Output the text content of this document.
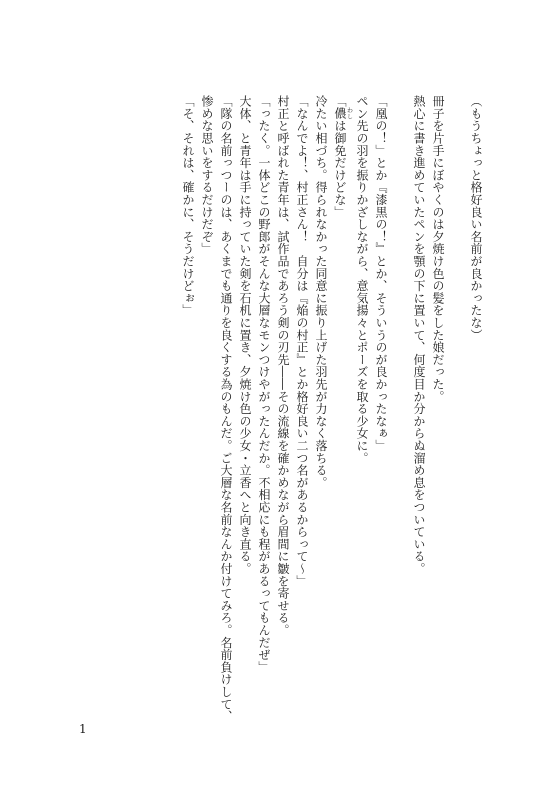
（もうちょっと格好良い名前が良かったな）
冊子を片手にぼやくのは夕焼け色の髪をした娘だった。
熱心に書き進めていたペンを顎の下に置いて、何度目か分からぬ溜め息をついている。
「凰の！」とか『漆黒の！』とか、そういうのが良かったなぁ」
ペン先の羽を振りかざしながら、意気揚々とポーズを取る少女に。
「儂わしは御免だけどな」
冷たい相づち。得られなかった同意に振り上げた羽先が力なく落ちる。
「なんでよ！、村正さん！　自分は『焔の村正』とか格好良い二つ名があるからって〜」
村正と呼ばれた青年は、試作品であろう剣の刃先――その流線を確かめながら眉間に皺を寄せる。
「ったく。一体どこの野郎がそんな大層なモンつけやがったんだか。不相応にも程があるってもんだぜ」
大体、と青年は手に持っていた剣を石机に置き、夕焼け色の少女・立香へと向き直る。
「隊の名前っつーのは、あくまでも通りを良くする為のもんだ。ご大層な名前なんか付けてみろ。名前負けして、
惨めな思いをするだけだぞ」
「そ、それは、確かに、そうだけどぉ」
1
